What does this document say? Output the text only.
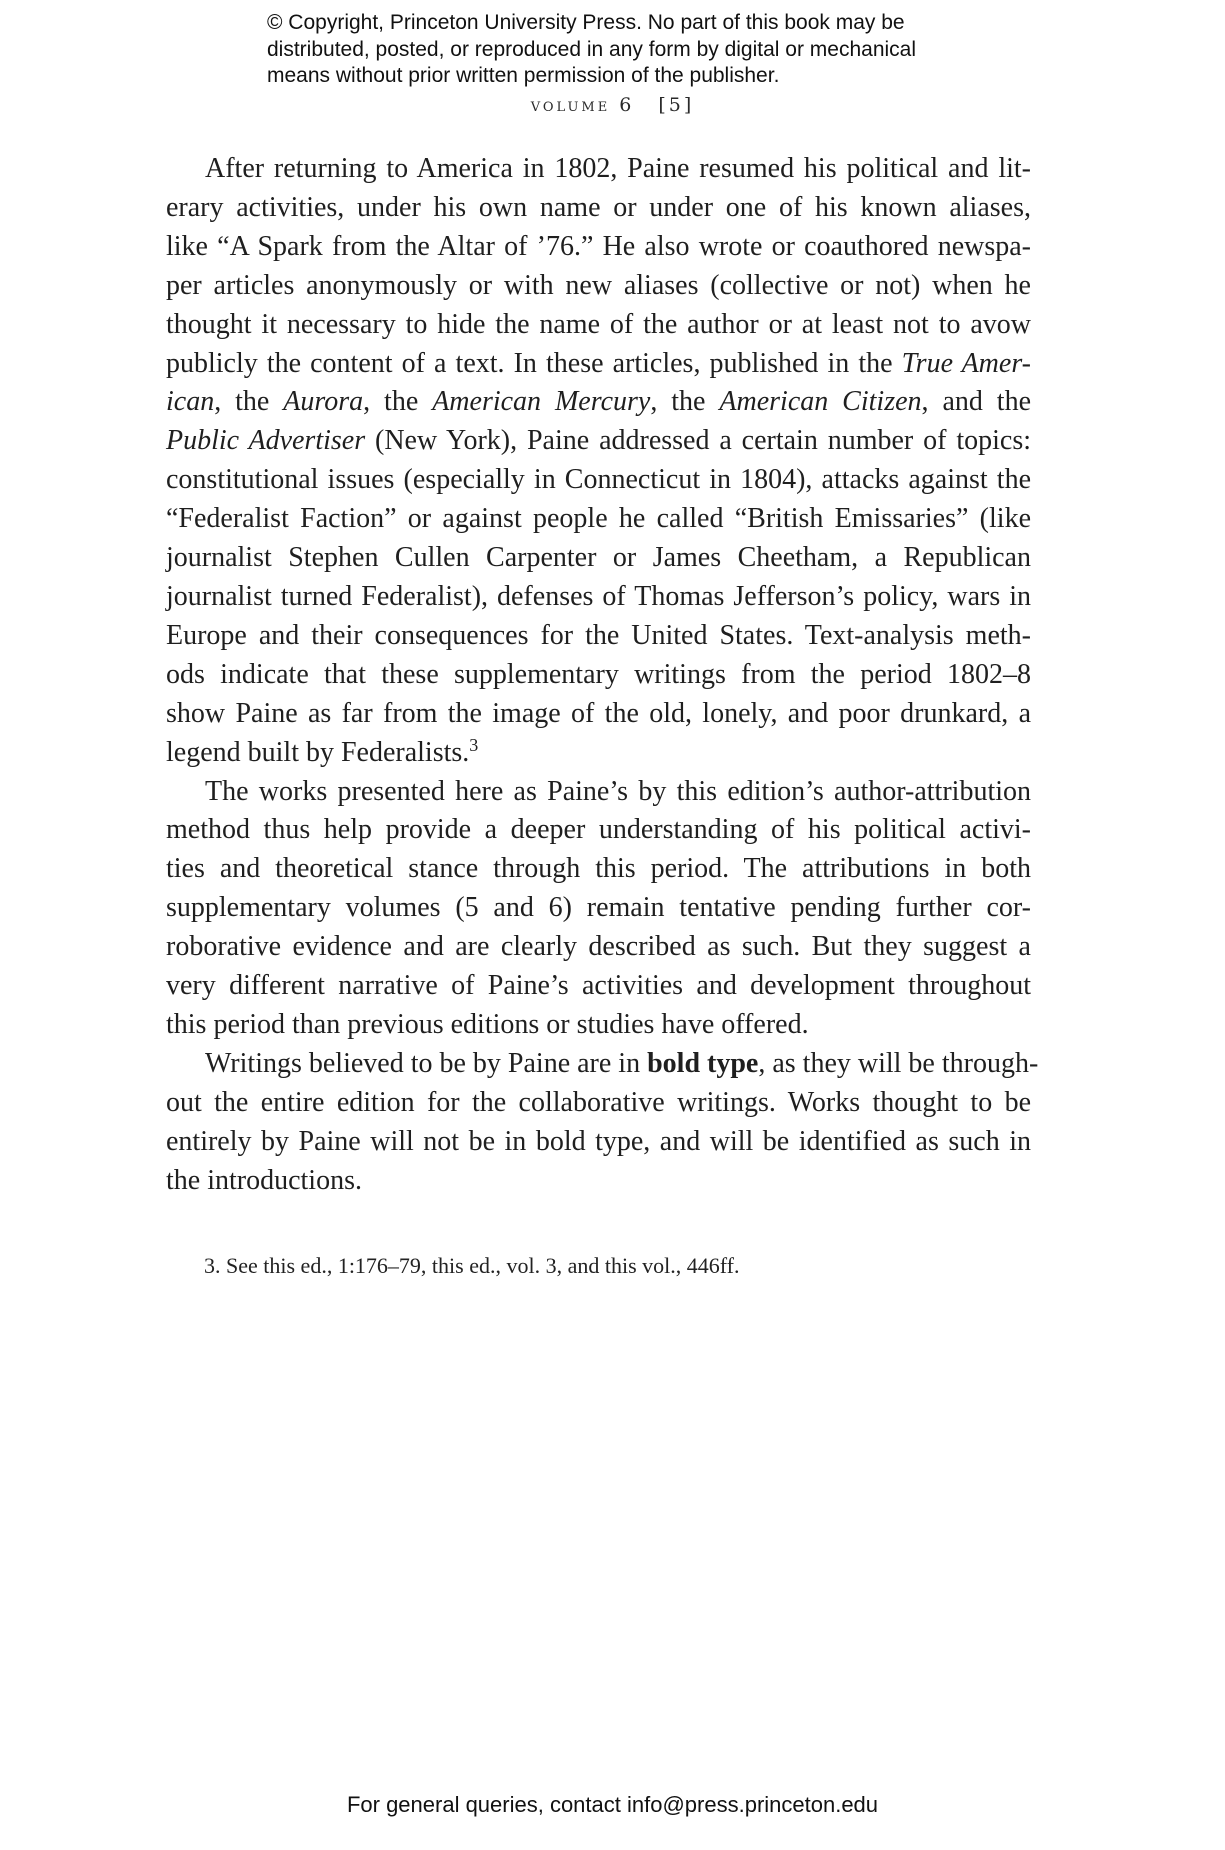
© Copyright, Princeton University Press. No part of this book may be
distributed, posted, or reproduced in any form by digital or mechanical
means without prior written permission of the publisher.
volume 6 [5]
After returning to America in 1802, Paine resumed his political and lit-
erary activities, under his own name or under one of his known aliases,
like “A Spark from the Altar of ’76.” He also wrote or coauthored newspa-
per articles anonymously or with new aliases (collective or not) when he
thought it necessary to hide the name of the author or at least not to avow
publicly the content of a text. In these articles, published in the True Amer-
ican, the Aurora, the American Mercury, the American Citizen, and the
Public Advertiser (New York), Paine addressed a certain number of topics:
constitutional issues (especially in Connecticut in 1804), attacks against the
“Federalist Faction” or against people he called “British Emissaries” (like
journalist Stephen Cullen Carpenter or James Cheetham, a Republican
journalist turned Federalist), defenses of Thomas Jefferson’s policy, wars in
Europe and their consequences for the United States. Text-analysis meth-
ods indicate that these supplementary writings from the period 1802–8
show Paine as far from the image of the old, lonely, and poor drunkard, a
legend built by Federalists.$^3$
The works presented here as Paine’s by this edition’s author-attribution
method thus help provide a deeper understanding of his political activi-
ties and theoretical stance through this period. The attributions in both
supplementary volumes (5 and 6) remain tentative pending further cor-
roborative evidence and are clearly described as such. But they suggest a
very different narrative of Paine’s activities and development throughout
this period than previous editions or studies have offered.
Writings believed to be by Paine are in bold type, as they will be through-
out the entire edition for the collaborative writings. Works thought to be
entirely by Paine will not be in bold type, and will be identified as such in
the introductions.
3. See this ed., 1:176–79, this ed., vol. 3, and this vol., 446ff.
For general queries, contact info@press.princeton.edu
